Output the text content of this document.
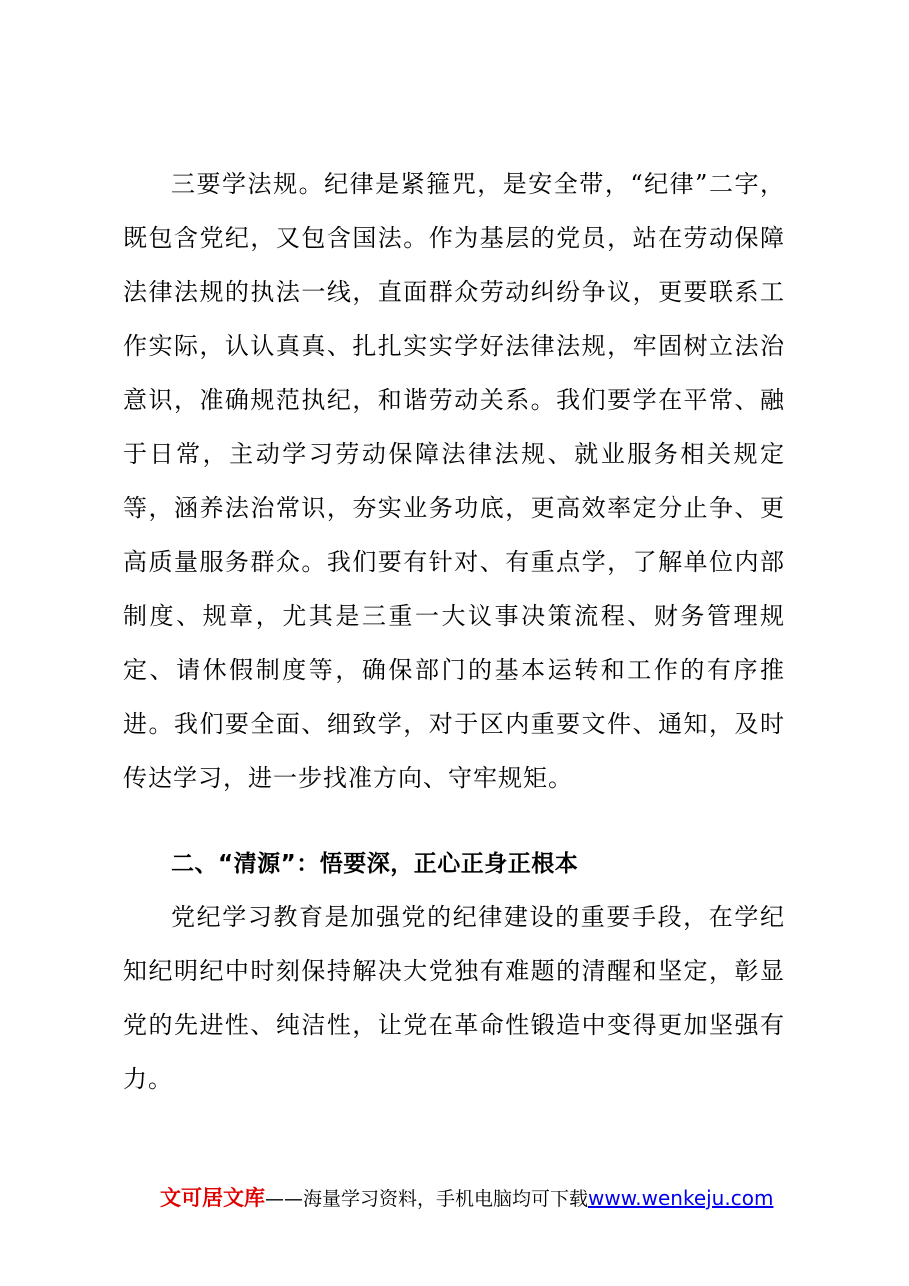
三要学法规。纪律是紧箍咒，是安全带，“纪律”二字，既包含党纪，又包含国法。作为基层的党员，站在劳动保障法律法规的执法一线，直面群众劳动纠纷争议，更要联系工作实际，认认真真、扎扎实实学好法律法规，牢固树立法治意识，准确规范执纪，和谐劳动关系。我们要学在平常、融于日常，主动学习劳动保障法律法规、就业服务相关规定等，涵养法治常识，夯实业务功底，更高效率定分止争、更高质量服务群众。我们要有针对、有重点学，了解单位内部制度、规章，尤其是三重一大议事决策流程、财务管理规定、请休假制度等，确保部门的基本运转和工作的有序推进。我们要全面、细致学，对于区内重要文件、通知，及时传达学习，进一步找准方向、守牢规矩。

二、“清源”：悟要深，正心正身正根本

党纪学习教育是加强党的纪律建设的重要手段，在学纪知纪明纪中时刻保持解决大党独有难题的清醒和坚定，彰显党的先进性、纯洁性，让党在革命性锻造中变得更加坚强有力。

文可居文库——海量学习资料，手机电脑均可下载www.wenkeju.com
